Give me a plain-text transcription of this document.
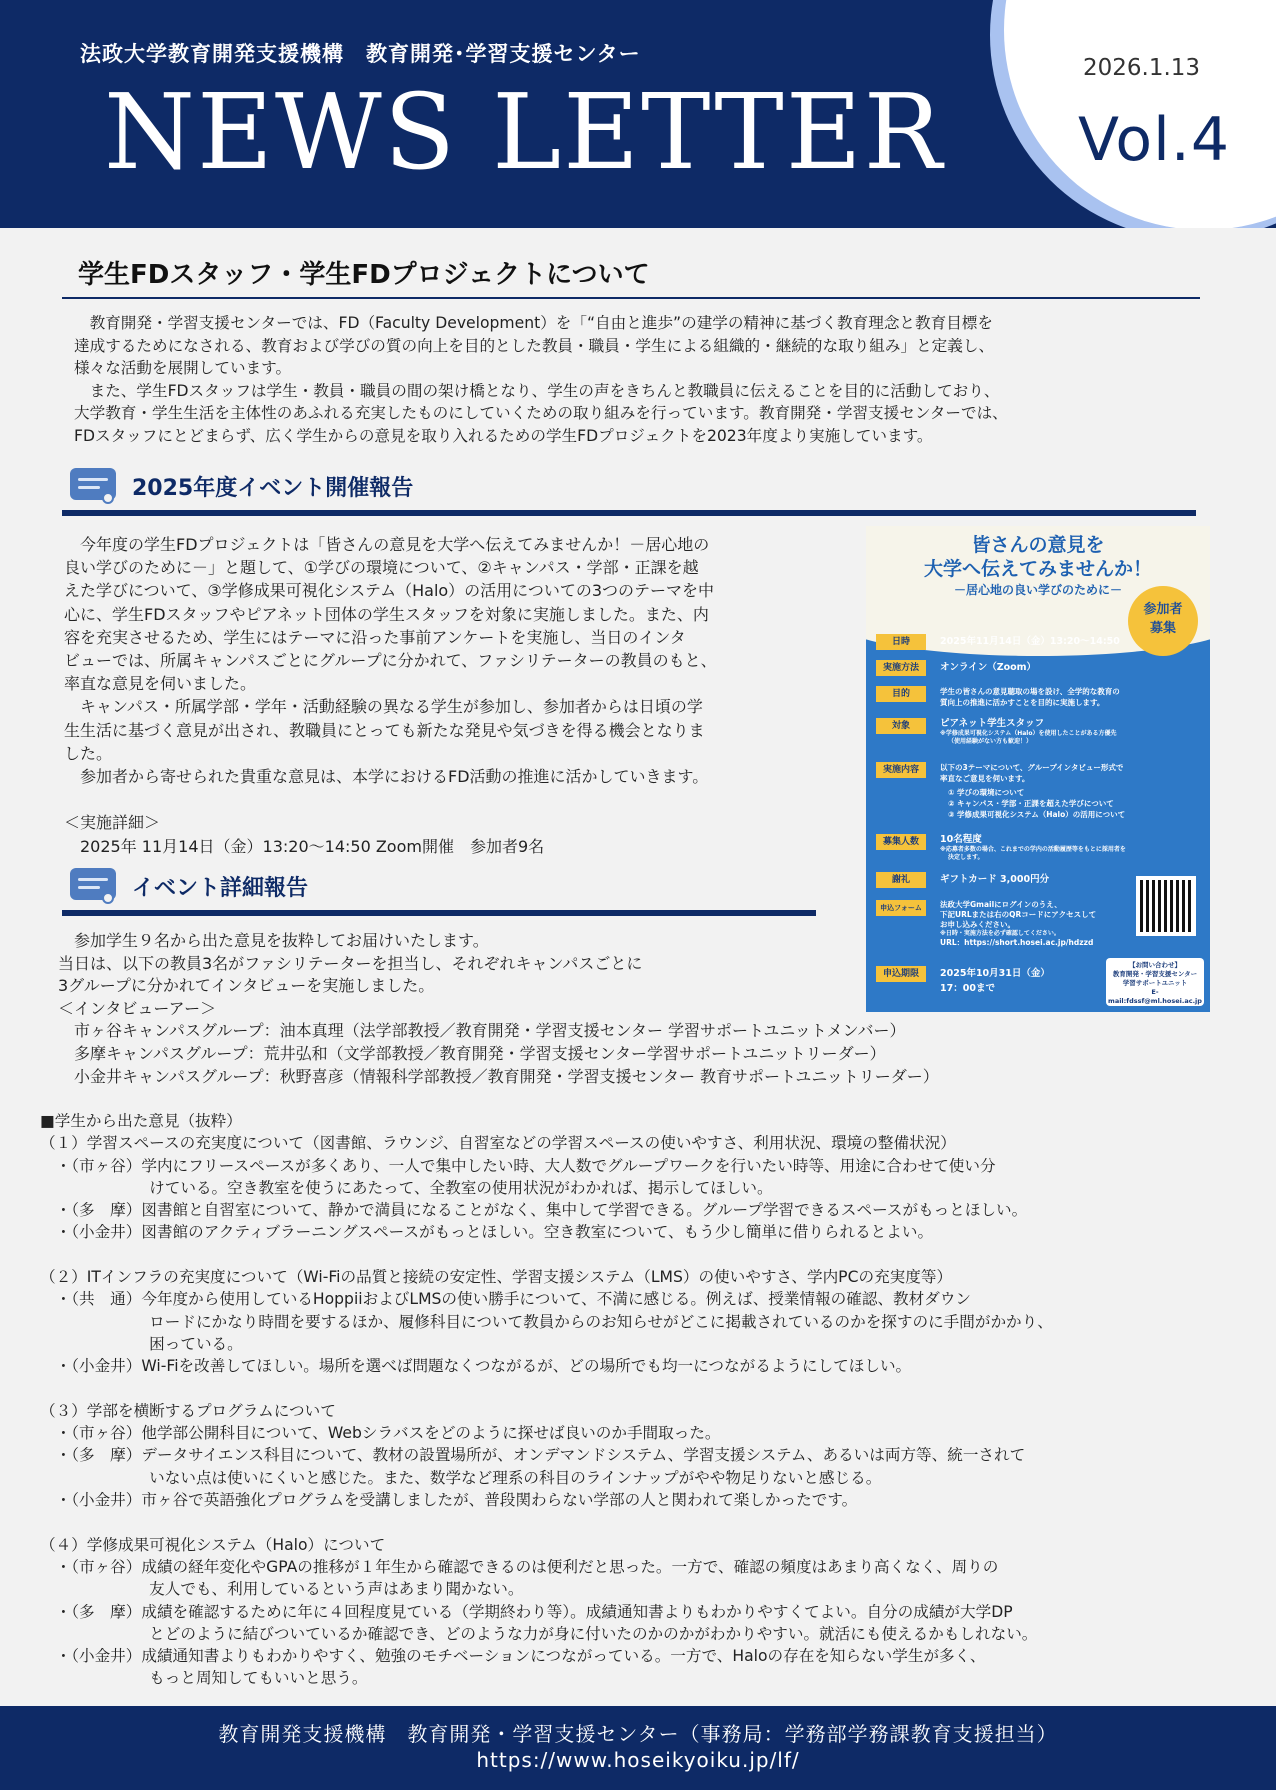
法政大学教育開発支援機構　教育開発･学習支援センター
NEWS LETTER
2026.1.13
Vol.4
学生FDスタッフ・学生FDプロジェクトについて
　教育開発・学習支援センターでは、FD（Faculty Development）を「“自由と進歩”の建学の精神に基づく教育理念と教育目標を
達成するためになされる、教育および学びの質の向上を目的とした教員・職員・学生による組織的・継続的な取り組み」と定義し、
様々な活動を展開しています。
　また、学生FDスタッフは学生・教員・職員の間の架け橋となり、学生の声をきちんと教職員に伝えることを目的に活動しており、
大学教育・学生生活を主体性のあふれる充実したものにしていくための取り組みを行っています。教育開発・学習支援センターでは、
FDスタッフにとどまらず、広く学生からの意見を取り入れるための学生FDプロジェクトを2023年度より実施しています。
2025年度イベント開催報告
　今年度の学生FDプロジェクトは「皆さんの意見を大学へ伝えてみませんか！－居心地の
良い学びのために－」と題して、①学びの環境について、②キャンパス・学部・正課を越
えた学びについて、③学修成果可視化システム（Halo）の活用についての3つのテーマを中
心に、学生FDスタッフやピアネット団体の学生スタッフを対象に実施しました。また、内
容を充実させるため、学生にはテーマに沿った事前アンケートを実施し、当日のインタ
ビューでは、所属キャンパスごとにグループに分かれて、ファシリテーターの教員のもと、
率直な意見を伺いました。
　キャンパス・所属学部・学年・活動経験の異なる学生が参加し、参加者からは日頃の学
生生活に基づく意見が出され、教職員にとっても新たな発見や気づきを得る機会となりま
した。
　参加者から寄せられた貴重な意見は、本学におけるFD活動の推進に活かしていきます。

＜実施詳細＞
　2025年 11月14日（金）13:20～14:50 Zoom開催　参加者9名
皆さんの意見を
大学へ伝えてみませんか！
－居心地の良い学びのために－
参加者
募集
日時	2025年11月14日（金）13:20～14:50
実施方法	オンライン（Zoom）
目的	学生の皆さんの意見聴取の場を設け、全学的な教育の
質向上の推進に活かすことを目的に実施します。
対象	ピアネット学生スタッフ
※学修成果可視化システム（Halo）を使用したことがある方優先
（使用経験がない方も歓迎！）
実施内容	以下の3テーマについて、グループインタビュー形式で
率直なご意見を伺います。
① 学びの環境について
② キャンパス・学部・正課を超えた学びについて
③ 学修成果可視化システム（Halo）の活用について
募集人数	10名程度
※応募者多数の場合、これまでの学内の活動履歴等をもとに採用者を
決定します。
謝礼	ギフトカード 3,000円分
申込フォーム	法政大学Gmailにログインのうえ、
下記URLまたは右のQRコードにアクセスして
お申し込みください。
※日時・実施方法を必ず確認してください。
URL：https://short.hosei.ac.jp/hdzzd
申込期限	2025年10月31日（金）
17：00まで
【お問い合わせ】
教育開発・学習支援センター
学習サポートユニット
E-mail:fdssf@ml.hosei.ac.jp
イベント詳細報告
　参加学生９名から出た意見を抜粋してお届けいたします。
当日は、以下の教員3名がファシリテーターを担当し、それぞれキャンパスごとに
3グループに分かれてインタビューを実施しました。
＜インタビューアー＞
　市ヶ谷キャンパスグループ：油本真理（法学部教授／教育開発・学習支援センター 学習サポートユニットメンバー）
　多摩キャンパスグループ：荒井弘和（文学部教授／教育開発・学習支援センター学習サポートユニットリーダー）
　小金井キャンパスグループ：秋野喜彦（情報科学部教授／教育開発・学習支援センター 教育サポートユニットリーダー）
■学生から出た意見（抜粋）
（１）学習スペースの充実度について（図書館、ラウンジ、自習室などの学習スペースの使いやすさ、利用状況、環境の整備状況）
　・（市ヶ谷）学内にフリースペースが多くあり、一人で集中したい時、大人数でグループワークを行いたい時等、用途に合わせて使い分
　　　　　　　けている。空き教室を使うにあたって、全教室の使用状況がわかれば、掲示してほしい。
　・（多　摩）図書館と自習室について、静かで満員になることがなく、集中して学習できる。グループ学習できるスペースがもっとほしい。
　・（小金井）図書館のアクティブラーニングスペースがもっとほしい。空き教室について、もう少し簡単に借りられるとよい。

（２）ITインフラの充実度について（Wi-Fiの品質と接続の安定性、学習支援システム（LMS）の使いやすさ、学内PCの充実度等）
　・（共　通）今年度から使用しているHoppiiおよびLMSの使い勝手について、不満に感じる。例えば、授業情報の確認、教材ダウン
　　　　　　　ロードにかなり時間を要するほか、履修科目について教員からのお知らせがどこに掲載されているのかを探すのに手間がかかり、
　　　　　　　困っている。
　・（小金井）Wi-Fiを改善してほしい。場所を選べば問題なくつながるが、どの場所でも均一につながるようにしてほしい。

（３）学部を横断するプログラムについて
　・（市ヶ谷）他学部公開科目について、Webシラバスをどのように探せば良いのか手間取った。
　・（多　摩）データサイエンス科目について、教材の設置場所が、オンデマンドシステム、学習支援システム、あるいは両方等、統一されて
　　　　　　　いない点は使いにくいと感じた。また、数学など理系の科目のラインナップがやや物足りないと感じる。
　・（小金井）市ヶ谷で英語強化プログラムを受講しましたが、普段関わらない学部の人と関われて楽しかったです。

（４）学修成果可視化システム（Halo）について
　・（市ヶ谷）成績の経年変化やGPAの推移が１年生から確認できるのは便利だと思った。一方で、確認の頻度はあまり高くなく、周りの
　　　　　　　友人でも、利用しているという声はあまり聞かない。
　・（多　摩）成績を確認するために年に４回程度見ている（学期終わり等）。成績通知書よりもわかりやすくてよい。自分の成績が大学DP
　　　　　　　とどのように結びついているか確認でき、どのような力が身に付いたのかのかがわかりやすい。就活にも使えるかもしれない。
　・（小金井）成績通知書よりもわかりやすく、勉強のモチベーションにつながっている。一方で、Haloの存在を知らない学生が多く、
　　　　　　　もっと周知してもいいと思う。
教育開発支援機構　教育開発・学習支援センター（事務局：学務部学務課教育支援担当）
https://www.hoseikyoiku.jp/lf/
